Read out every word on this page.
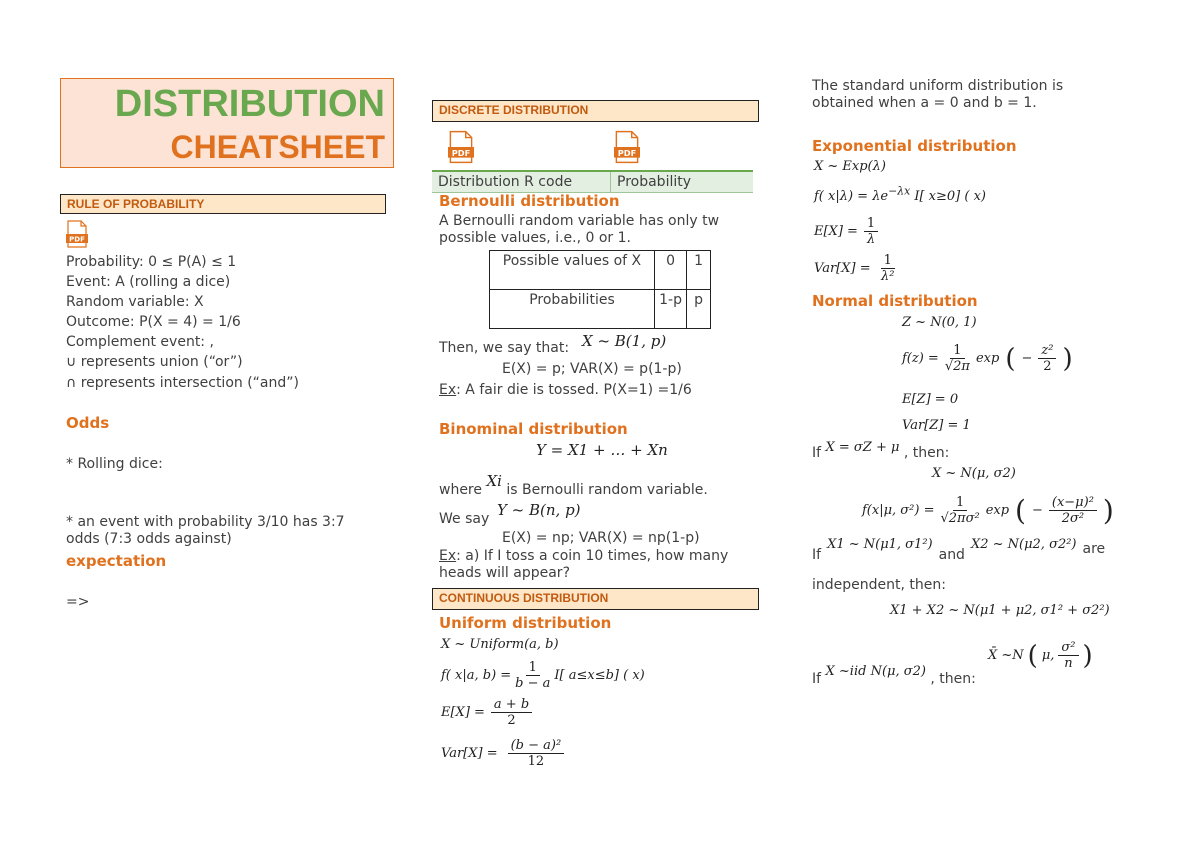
DISTRIBUTION
CHEATSHEET
RULE OF PROBABILITY
PDF
Probability: 0 ≤ P(A) ≤ 1
Event: A (rolling a dice)
Random variable: X
Outcome: P(X = 4) = 1/6
Complement event: ,
∪ represents union (“or”)
∩ represents intersection (“and”)
Odds
* Rolling dice:
* an event with probability 3/10 has 3:7
odds (7:3 odds against)
expectation
=>
DISCRETE DISTRIBUTION
PDF	PDF
Distribution R code	Probability
Bernoulli distribution
A Bernoulli random variable has only tw
possible values, i.e., 0 or 1.
Possible values of X	0	1
Probabilities	1-p	p
Then, we say that: X ~ B(1, p)
E(X) = p; VAR(X) = p(1-p)
Ex: A fair die is tossed. P(X=1) =1/6
Binominal distribution
Y = X1 + … + Xn
where Xi is Bernoulli random variable.
We say Y ~ B(n, p)
E(X) = np; VAR(X) = np(1-p)
Ex: a) If I toss a coin 10 times, how many
heads will appear?
CONTINUOUS DISTRIBUTION
Uniform distribution
X ~ Uniform(a, b)
f( x|a, $b) = \frac{1}{b - a} I$[ a≤x≤b] ( x)
$E[X] = \frac{a + b}{2}$
$Var[X] = \frac{\text{(b − a)²}}{12}$
The standard uniform distribution is
obtained when a = 0 and b = 1.
Exponential distribution
X ~ Exp(λ)
f( $x|\lambda) = \lambda e^{-\lambda x}$ I[ x≥0] ( x)
$E[X] = \frac{1}{\lambda}$
$Var[X] = \frac{1}{\text{λ²}}$
Normal distribution
Z ~ N(0, 1)
$f(z) = \frac{1}{√2\pi}$ exp ( − $\frac{\text{z²}}{2}$ )
E[Z] = 0
Var[Z] = 1
If X = σZ + μ , then:
X ~ N(μ, σ2)
f(x|μ, $\sigma^2) = \frac{1}{\text{√2πσ²}}$ exp ( − $\frac{\text{(x−μ)²}}{\text{2σ²}}$ )
If
X1 ~ N(μ1, σ1²)
and
X2 ~ N(μ2, σ2²) are
independent, then:
X1 + X2 ~ N(μ1 + μ2, σ1² + σ2²)
If X ~iid N(μ, σ2) , then:
X̄ ~N ( μ, $\frac{\text{σ²}}{n}$ )
